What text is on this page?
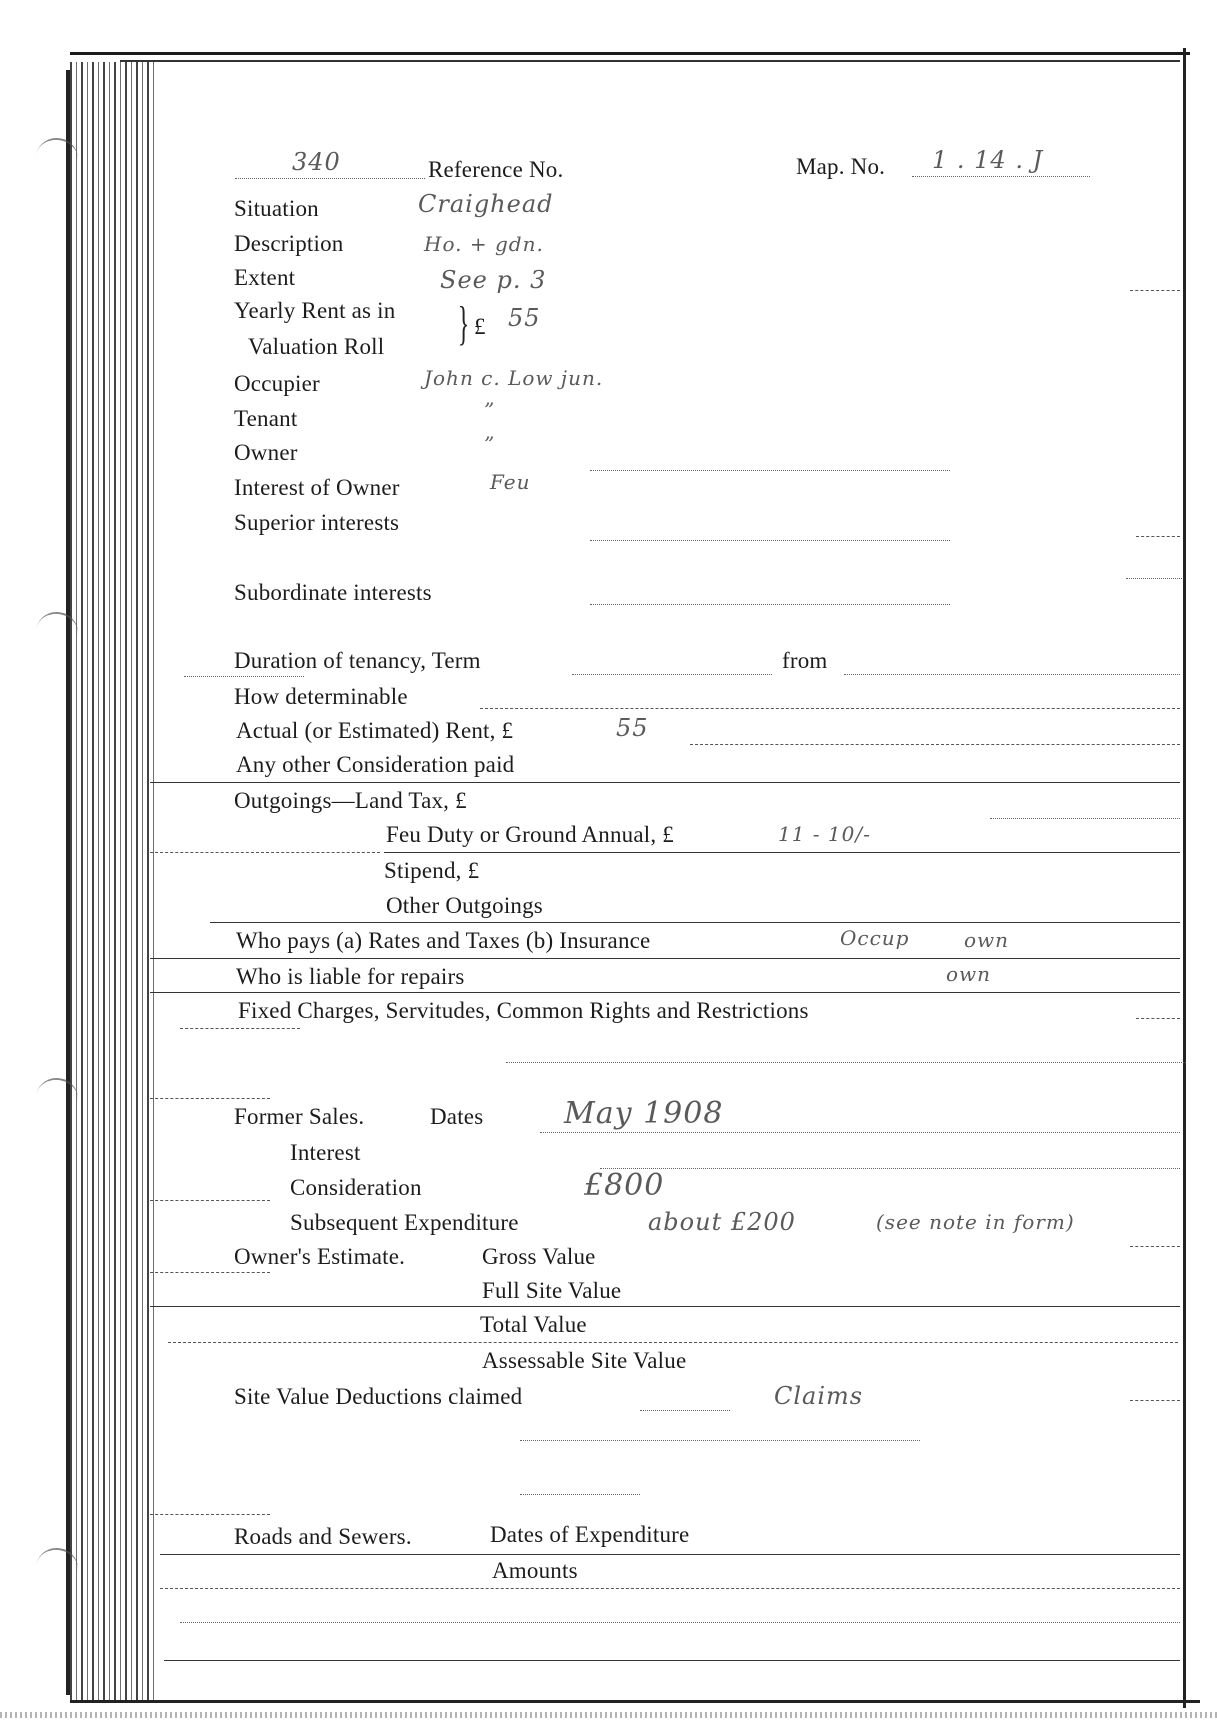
340	Reference No.	Map. No. 1 . 14 . J
Situation	Craighead
Description	Ho. + gdn.
Extent	See p. 3
Yearly Rent as in
Valuation Roll } £ 55
Occupier	John c. Low jun.
Tenant	”
Owner	”
Interest of Owner	Feu
Superior interests
Subordinate interests
Duration of tenancy, Term	from
How determinable
Actual (or Estimated) Rent, £	55
Any other Consideration paid
Outgoings—Land Tax, £
Feu Duty or Ground Annual, £	11 - 10/-
Stipend, £
Other Outgoings
Who pays (a) Rates and Taxes (b) Insurance	Occup	own
Who is liable for repairs	own
Fixed Charges, Servitudes, Common Rights and Restrictions
Former Sales.	Dates	May 1908
Interest
Consideration	£800
Subsequent Expenditure	about £200	(see note in form)
Owner's Estimate.	Gross Value
Full Site Value
Total Value
Assessable Site Value
Site Value Deductions claimed	Claims
Roads and Sewers.	Dates of Expenditure
Amounts
